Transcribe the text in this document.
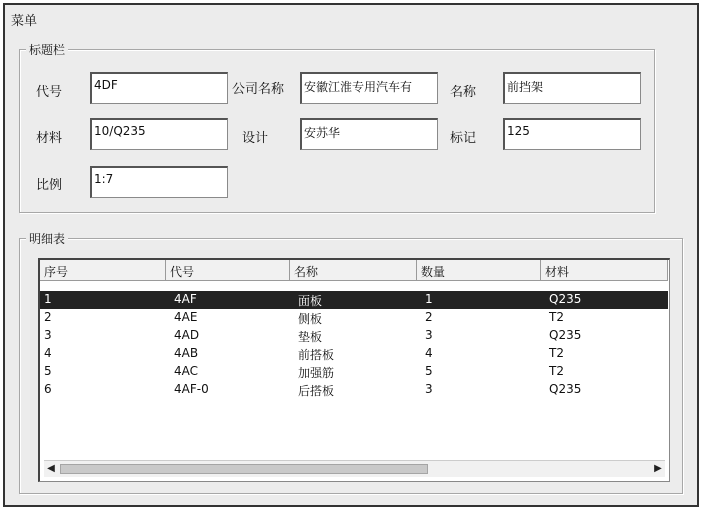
菜单
标题栏
代号	4DF	公司名称	安徽江淮专用汽车有	名称	前挡架
材料	10/Q235	设计	安苏华	标记	125
比例	1:7
明细表
序号	代号	名称	数量	材料
1	4AF	面板	1	Q235
2	4AE	侧板	2	T2
3	4AD	垫板	3	Q235
4	4AB	前搭板	4	T2
5	4AC	加强筋	5	T2
6	4AF-0	后搭板	3	Q235
◀	▶
